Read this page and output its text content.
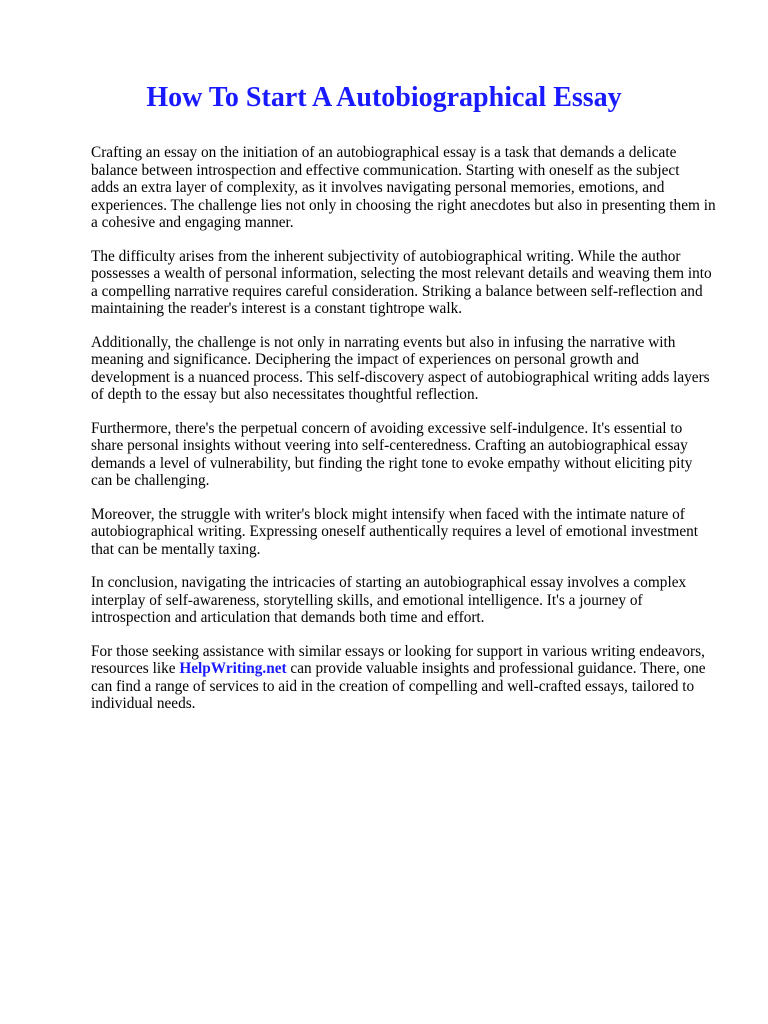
How To Start A Autobiographical Essay

Crafting an essay on the initiation of an autobiographical essay is a task that demands a delicate
balance between introspection and effective communication. Starting with oneself as the subject
adds an extra layer of complexity, as it involves navigating personal memories, emotions, and
experiences. The challenge lies not only in choosing the right anecdotes but also in presenting them in
a cohesive and engaging manner.

The difficulty arises from the inherent subjectivity of autobiographical writing. While the author
possesses a wealth of personal information, selecting the most relevant details and weaving them into
a compelling narrative requires careful consideration. Striking a balance between self-reflection and
maintaining the reader's interest is a constant tightrope walk.

Additionally, the challenge is not only in narrating events but also in infusing the narrative with
meaning and significance. Deciphering the impact of experiences on personal growth and
development is a nuanced process. This self-discovery aspect of autobiographical writing adds layers
of depth to the essay but also necessitates thoughtful reflection.

Furthermore, there's the perpetual concern of avoiding excessive self-indulgence. It's essential to
share personal insights without veering into self-centeredness. Crafting an autobiographical essay
demands a level of vulnerability, but finding the right tone to evoke empathy without eliciting pity
can be challenging.

Moreover, the struggle with writer's block might intensify when faced with the intimate nature of
autobiographical writing. Expressing oneself authentically requires a level of emotional investment
that can be mentally taxing.

In conclusion, navigating the intricacies of starting an autobiographical essay involves a complex
interplay of self-awareness, storytelling skills, and emotional intelligence. It's a journey of
introspection and articulation that demands both time and effort.

For those seeking assistance with similar essays or looking for support in various writing endeavors,
resources like HelpWriting.net can provide valuable insights and professional guidance. There, one
can find a range of services to aid in the creation of compelling and well-crafted essays, tailored to
individual needs.
